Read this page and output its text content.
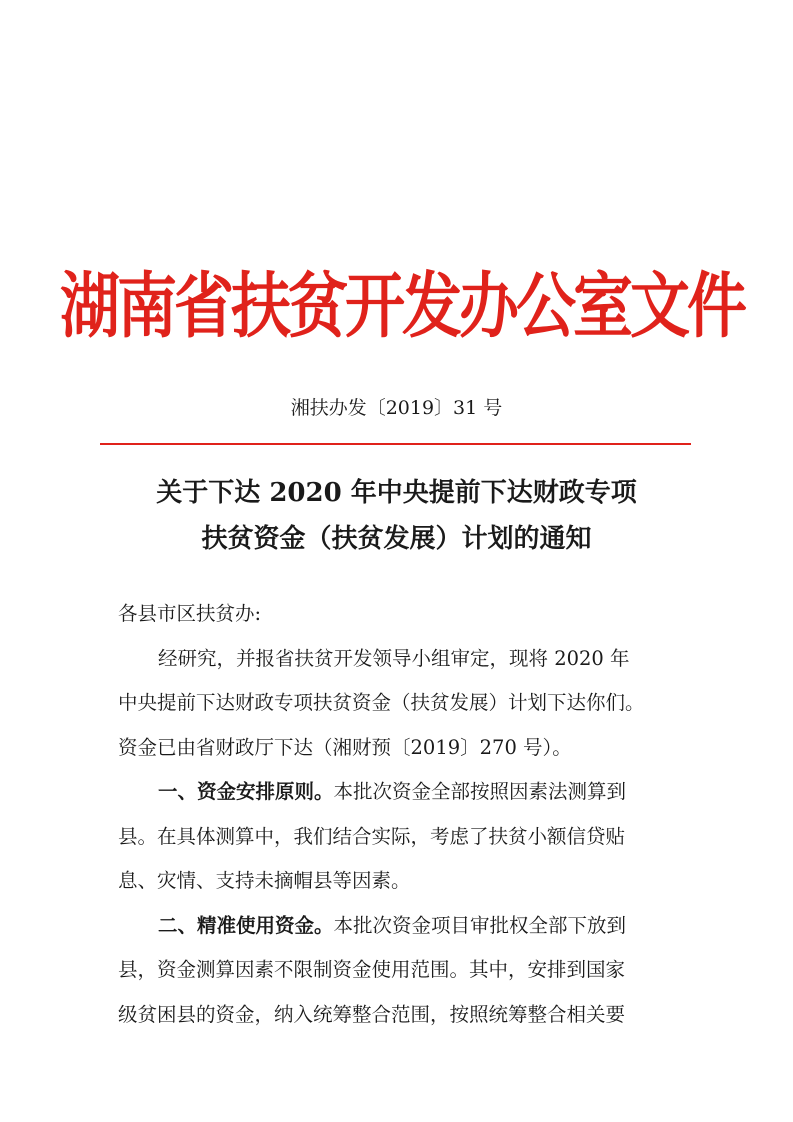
湖南省扶贫开发办公室文件
湘扶办发〔2019〕31 号
关于下达 2020 年中央提前下达财政专项
扶贫资金（扶贫发展）计划的通知
各县市区扶贫办:
经研究，并报省扶贫开发领导小组审定，现将 2020 年
中央提前下达财政专项扶贫资金（扶贫发展）计划下达你们。
资金已由省财政厅下达（湘财预〔2019〕270 号）。
一、资金安排原则。本批次资金全部按照因素法测算到
县。在具体测算中，我们结合实际，考虑了扶贫小额信贷贴
息、灾情、支持未摘帽县等因素。
二、精准使用资金。本批次资金项目审批权全部下放到
县，资金测算因素不限制资金使用范围。其中，安排到国家
级贫困县的资金，纳入统筹整合范围，按照统筹整合相关要
